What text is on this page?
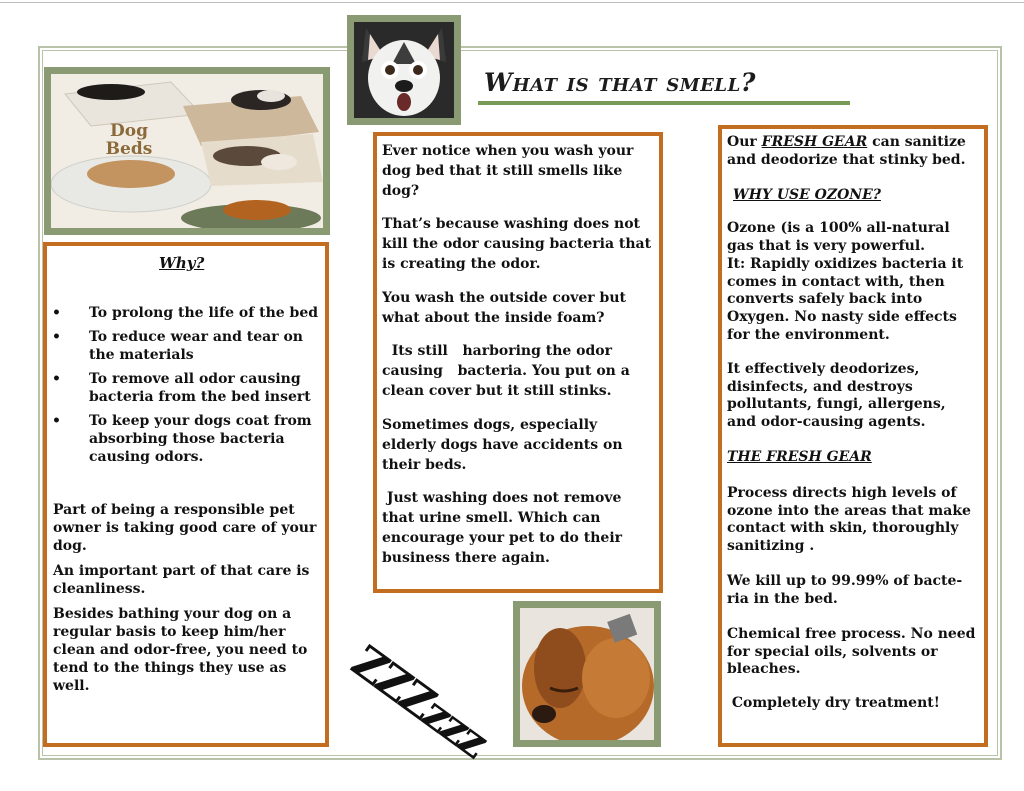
Dog Beds
What is that smell?
Why?
• To prolong the life of the bed
• To reduce wear and tear on the materials
• To remove all odor causing bacteria from the bed insert
• To keep your dogs coat from absorbing those bacteria causing odors.

Part of being a responsible pet owner is taking good care of your dog.

An important part of that care is cleanliness.

Besides bathing your dog on a regular basis to keep him/her clean and odor-free, you need to tend to the things they use as well.

Ever notice when you wash your dog bed that it still smells like dog?

That’s because washing does not kill the odor causing bacteria that is creating the odor.

You wash the outside cover but what about the inside foam?

Its still   harboring the odor causing   bacteria. You put on a clean cover but it still stinks.

Sometimes dogs, especially elderly dogs have accidents on their beds.

Just washing does not remove that urine smell. Which can encourage your pet to do their business there again.

ZZZzzz

Our FRESH GEAR can sanitize and deodorize that stinky bed.

WHY USE OZONE?

Ozone (is a 100% all-natural gas that is very powerful.

It: Rapidly oxidizes bacteria it comes in contact with, then converts safely back into Oxygen. No nasty side effects for the environment.

It effectively deodorizes, disinfects, and destroys pollutants, fungi, allergens, and odor-causing agents.

THE FRESH GEAR

Process directs high levels of ozone into the areas that make contact with skin, thoroughly sanitizing .

We kill up to 99.99% of bacte-ria in the bed.

Chemical free process. No need for special oils, solvents or bleaches.

Completely dry treatment!
